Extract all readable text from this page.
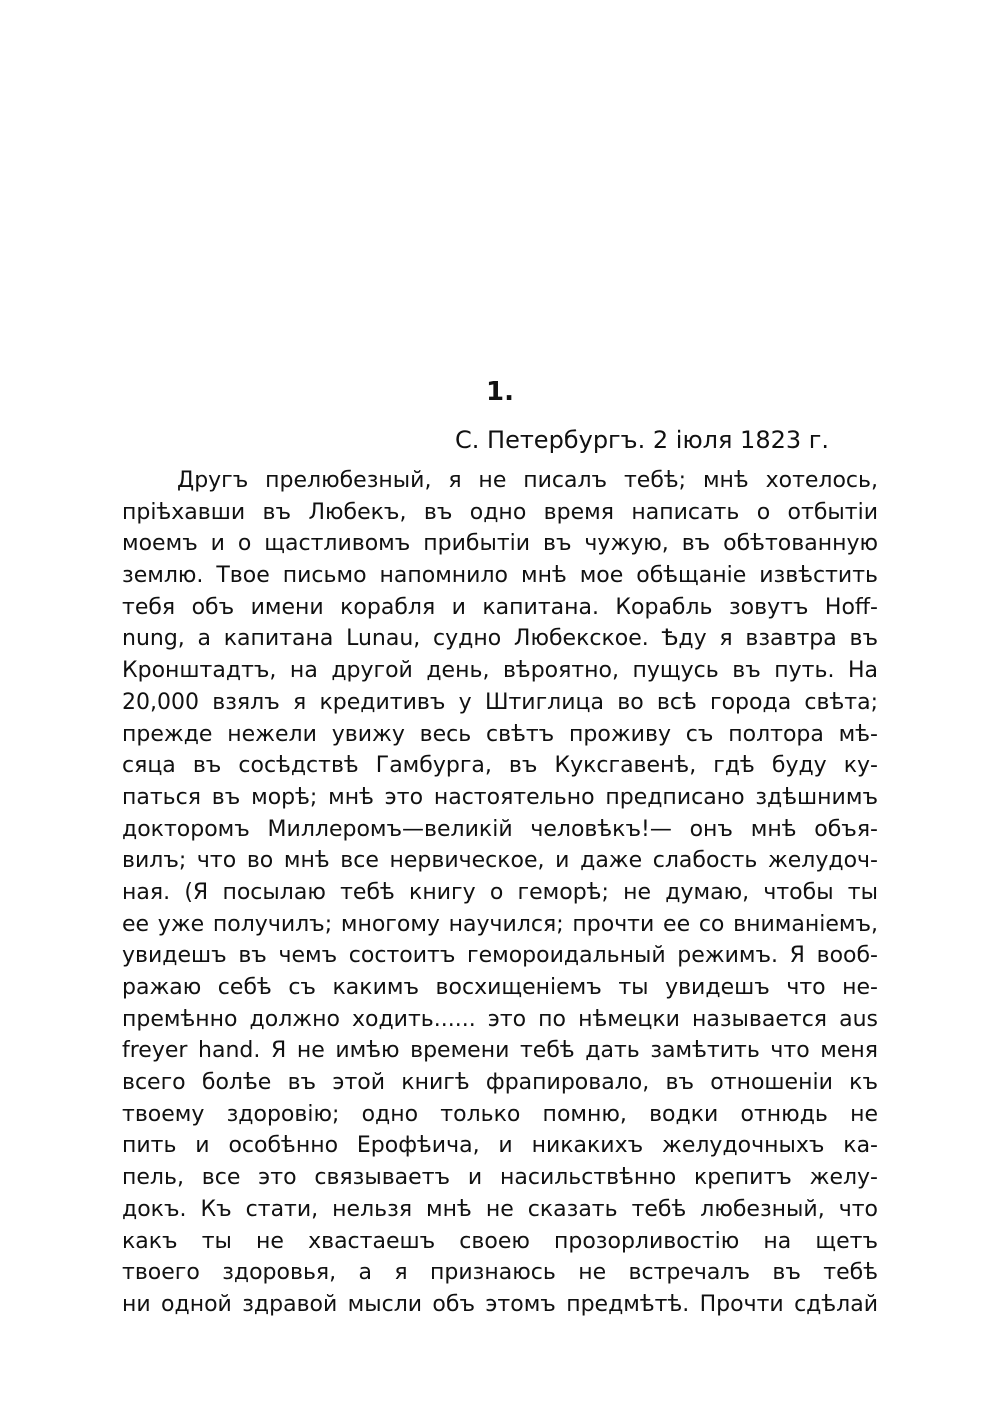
1.
С. Петербургъ. 2 іюля 1823 г.
Другъ прелюбезный, я не писалъ тебѣ; мнѣ хотелось,
пріѣхавши въ Любекъ, въ одно время написать о отбытіи
моемъ и о щастливомъ прибытіи въ чужую, въ обѣтованную
землю. Твое письмо напомнило мнѣ мое обѣщаніе извѣстить
тебя объ имени корабля и капитана. Корабль зовутъ Hoff-
nung, а капитана Lunau, судно Любекское. Ѣду я взавтра въ
Кронштадтъ, на другой день, вѣроятно, пущусь въ путь. На
20,000 взялъ я кредитивъ у Штиглица во всѣ города свѣта;
прежде нежели увижу весь свѣтъ проживу съ полтора мѣ-
сяца въ сосѣдствѣ Гамбурга, въ Куксгавенѣ, гдѣ буду ку-
паться въ морѣ; мнѣ это настоятельно предписано здѣшнимъ
докторомъ Миллеромъ—великій человѣкъ!— онъ мнѣ объя-
вилъ; что во мнѣ все нервическое, и даже слабость желудоч-
ная. (Я посылаю тебѣ книгу о геморѣ; не думаю, чтобы ты
ее уже получилъ; многому научился; прочти ее со вниманіемъ,
увидешъ въ чемъ состоитъ гемороидальный режимъ. Я вооб-
ражаю себѣ съ какимъ восхищеніемъ ты увидешъ что не-
премѣнно должно ходить...... это по нѣмецки называется aus
freyer hand. Я не имѣю времени тебѣ дать замѣтить что меня
всего болѣе въ этой книгѣ фрапировало, въ отношеніи къ
твоему здоровію; одно только помню, водки отнюдь не
пить и особѣнно Ерофѣича, и никакихъ желудочныхъ ка-
пель, все это связываетъ и насильствѣнно крепитъ желу-
докъ. Къ стати, нельзя мнѣ не сказать тебѣ любезный, что
какъ ты не хвастаешъ своею прозорливостію на щетъ
твоего здоровья, а я признаюсь не встречалъ въ тебѣ
ни одной здравой мысли объ этомъ предмѣтѣ. Прочти сдѣлай
